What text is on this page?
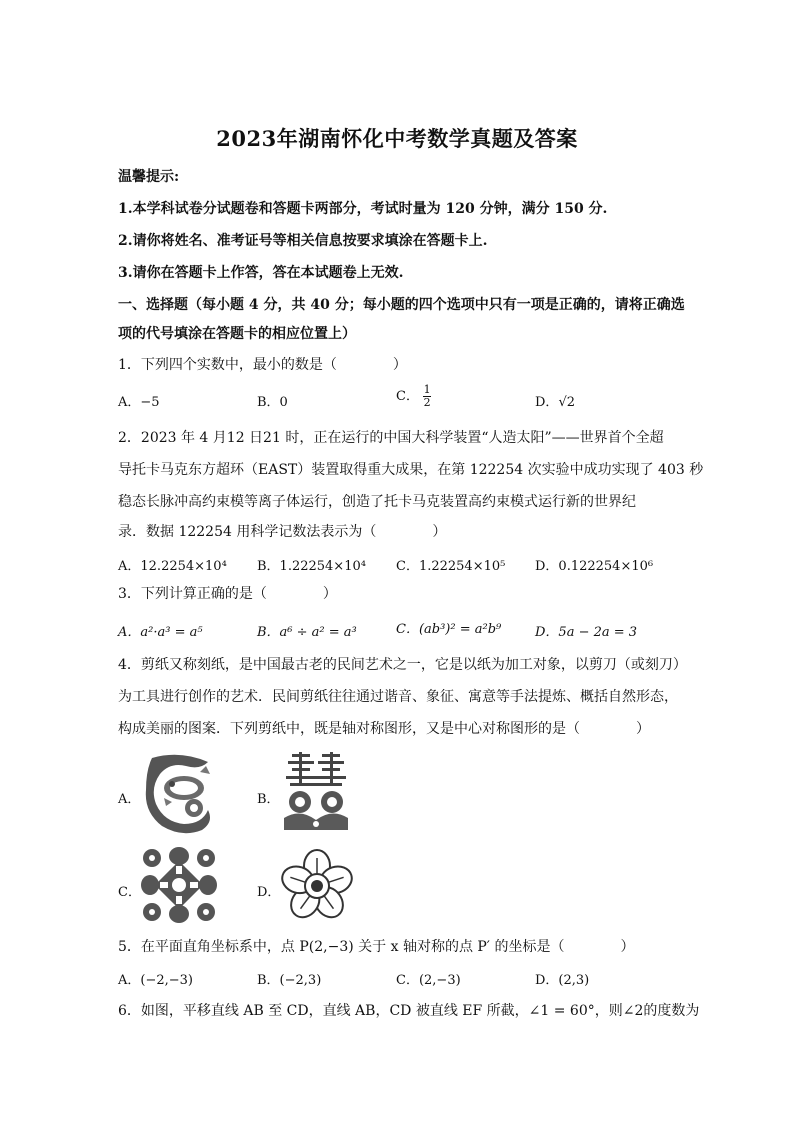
2023年湖南怀化中考数学真题及答案
温馨提示:
1.本学科试卷分试题卷和答题卡两部分，考试时量为 120 分钟，满分 150 分.
2.请你将姓名、准考证号等相关信息按要求填涂在答题卡上.
3.请你在答题卡上作答，答在本试题卷上无效.
一、选择题（每小题 4 分，共 40 分；每小题的四个选项中只有一项是正确的，请将正确选
项的代号填涂在答题卡的相应位置上）
1．下列四个实数中，最小的数是（　　　　）
A．−5	B．0	C． $\frac{1}{2}$	D．√2
2．2023 年 4 月12 日21 时，正在运行的中国大科学装置“人造太阳”——世界首个全超
导托卡马克东方超环（EAST）装置取得重大成果，在第 122254 次实验中成功实现了 403 秒
稳态长脉冲高约束模等离子体运行，创造了托卡马克装置高约束模式运行新的世界纪
录．数据 122254 用科学记数法表示为（　　　　）
A．12.2254×10⁴ B．1.22254×10⁴ C．1.22254×10⁵ D．0.122254×10⁶
3．下列计算正确的是（　　　　）
A．a²·a³ = a⁵	B．a⁶ ÷ a² = a³	C．(ab³)² = a²b⁹	D．5a − 2a = 3
4．剪纸又称刻纸，是中国最古老的民间艺术之一，它是以纸为加工对象，以剪刀（或刻刀）
为工具进行创作的艺术．民间剪纸往往通过谐音、象征、寓意等手法提炼、概括自然形态，
构成美丽的图案．下列剪纸中，既是轴对称图形，又是中心对称图形的是（　　　　）
A．	B．
C．	D．
5．在平面直角坐标系中，点 P(2,−3) 关于 x 轴对称的点 P′ 的坐标是（　　　　）
A．(−2,−3)	B．(−2,3)	C．(2,−3)	D．(2,3)
6．如图，平移直线 AB 至 CD，直线 AB，CD 被直线 EF 所截，∠1 = 60°，则∠2的度数为
